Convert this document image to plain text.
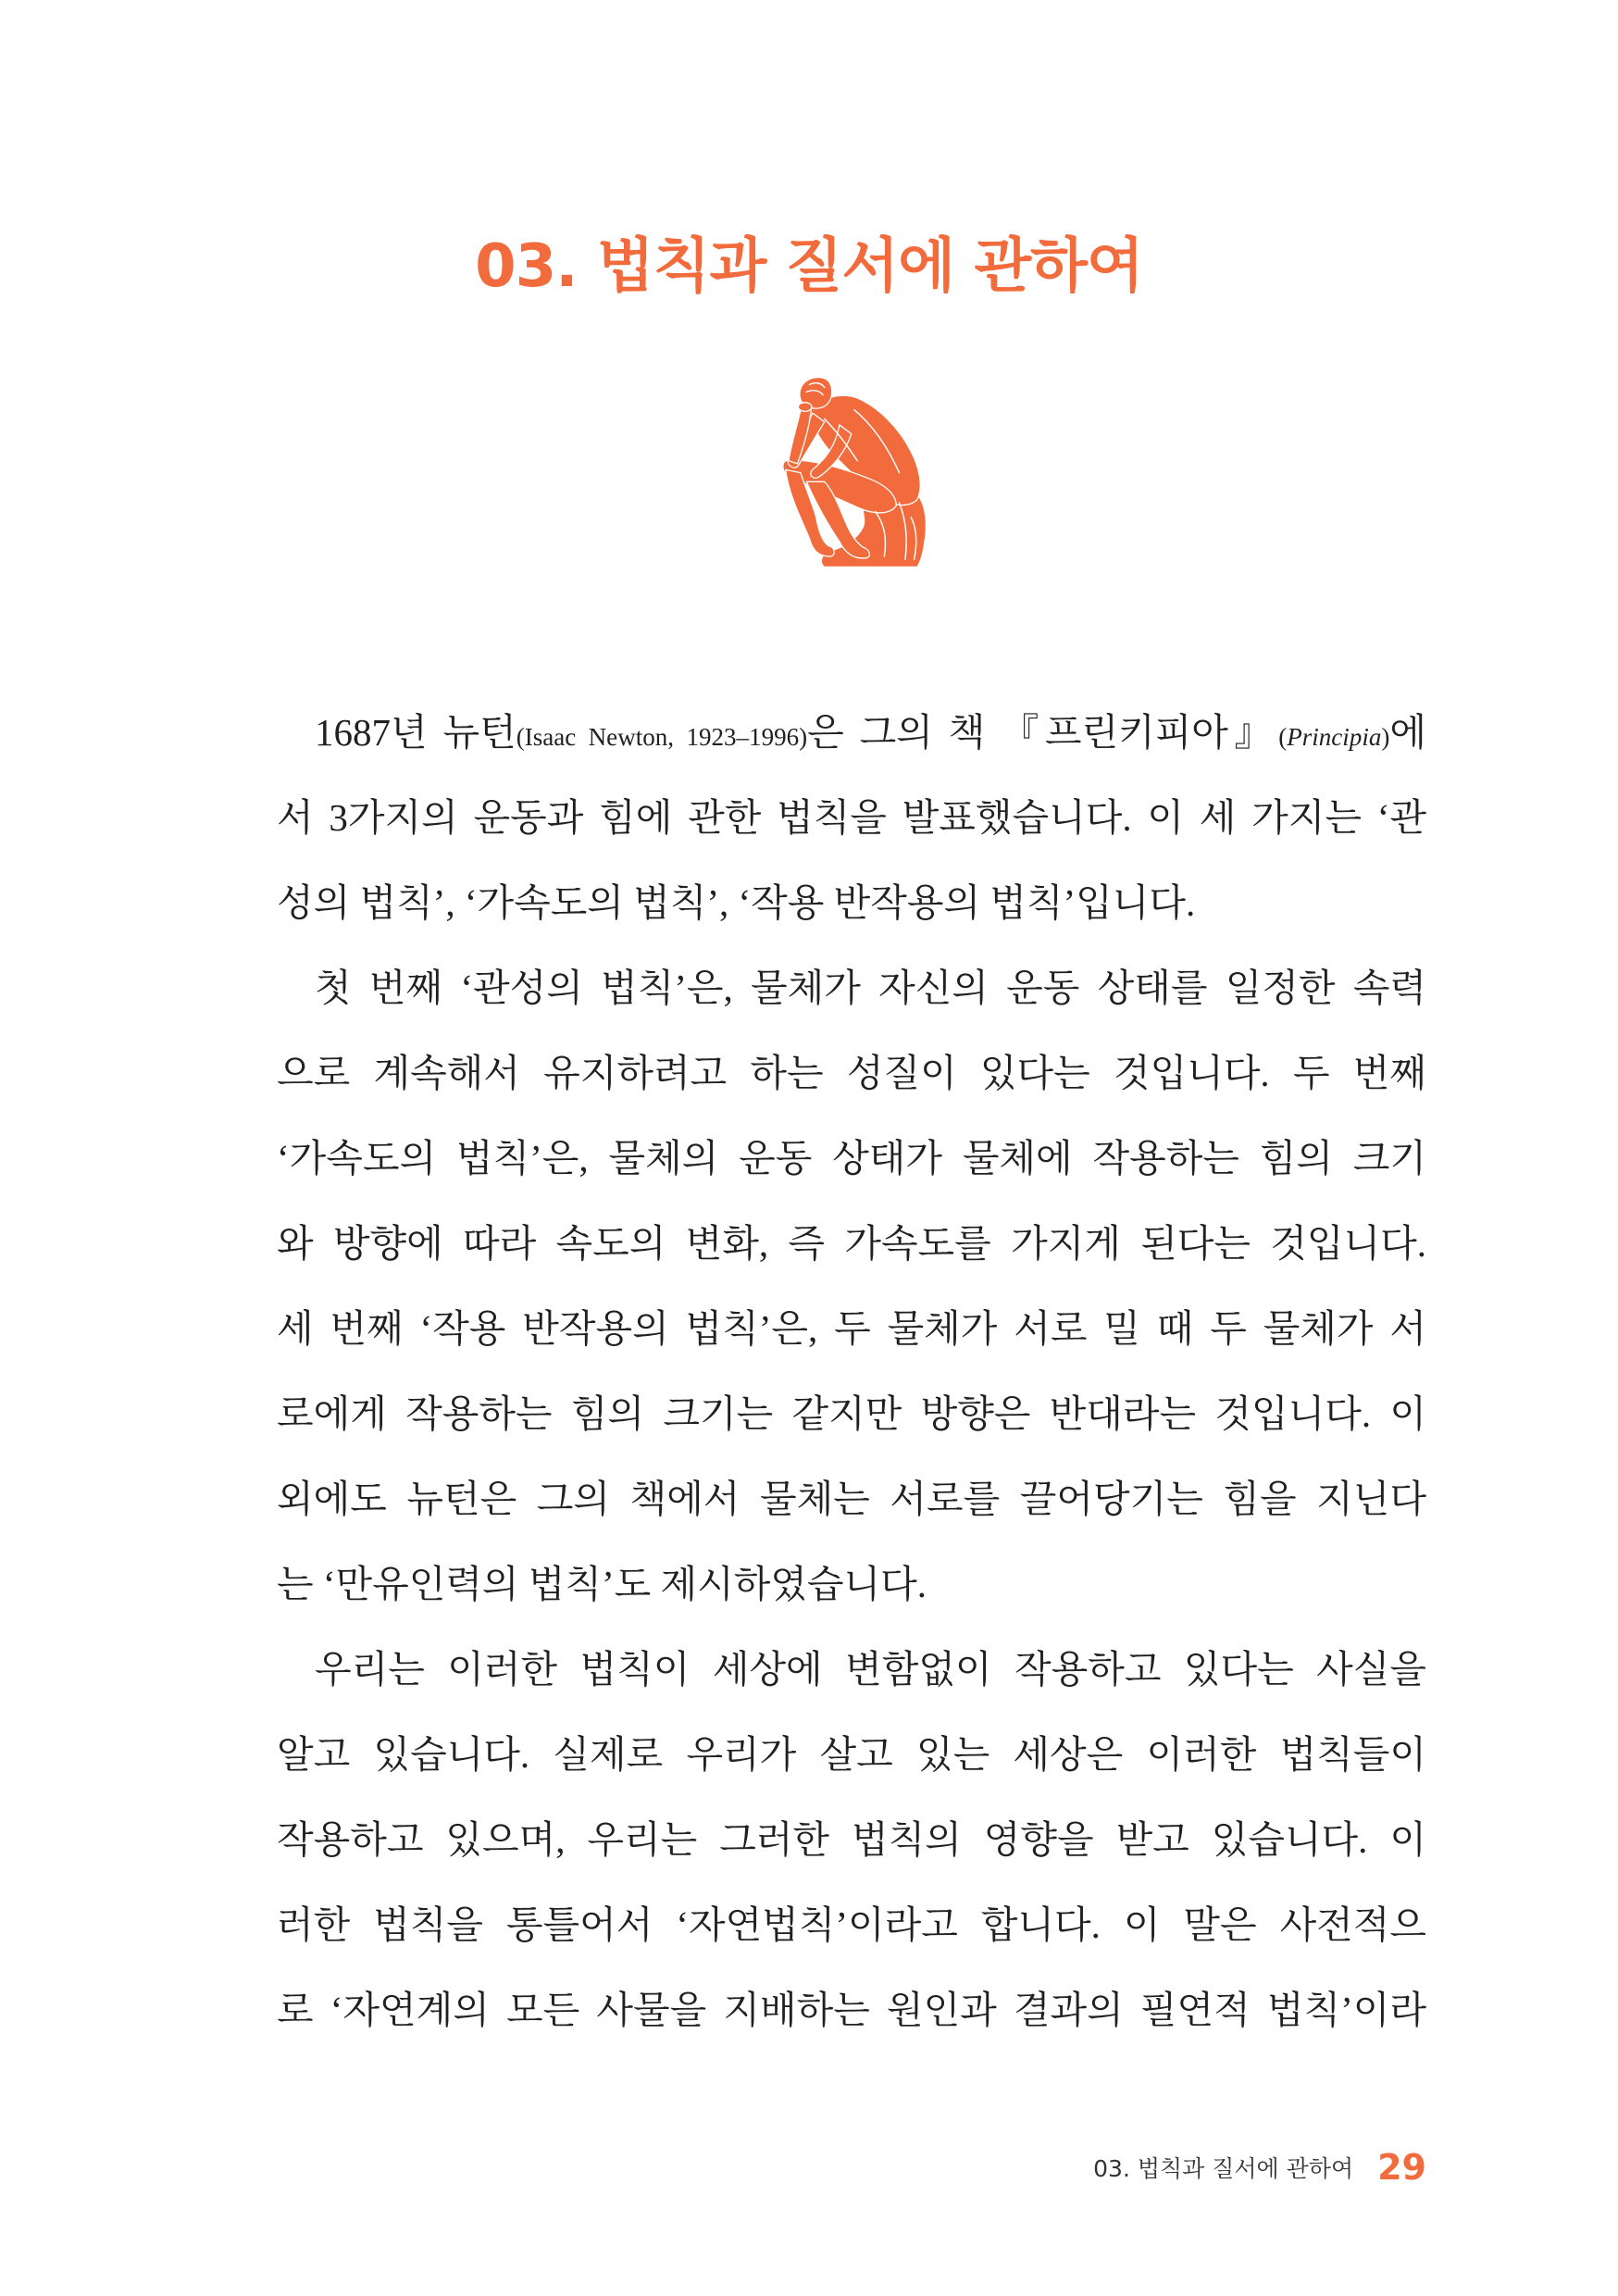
03. 법칙과 질서에 관하여
1687년 뉴턴(Isaac Newton, 1923–1996)은 그의 책 『프린키피아』(Principia)에
서 3가지의 운동과 힘에 관한 법칙을 발표했습니다. 이 세 가지는 ‘관
성의 법칙’, ‘가속도의 법칙’, ‘작용 반작용의 법칙’입니다.
첫 번째 ‘관성의 법칙’은, 물체가 자신의 운동 상태를 일정한 속력
으로 계속해서 유지하려고 하는 성질이 있다는 것입니다. 두 번째
‘가속도의 법칙’은, 물체의 운동 상태가 물체에 작용하는 힘의 크기
와 방향에 따라 속도의 변화, 즉 가속도를 가지게 된다는 것입니다.
세 번째 ‘작용 반작용의 법칙’은, 두 물체가 서로 밀 때 두 물체가 서
로에게 작용하는 힘의 크기는 같지만 방향은 반대라는 것입니다. 이
외에도 뉴턴은 그의 책에서 물체는 서로를 끌어당기는 힘을 지닌다
는 ‘만유인력의 법칙’도 제시하였습니다.
우리는 이러한 법칙이 세상에 변함없이 작용하고 있다는 사실을
알고 있습니다. 실제로 우리가 살고 있는 세상은 이러한 법칙들이
작용하고 있으며, 우리는 그러한 법칙의 영향을 받고 있습니다. 이
러한 법칙을 통틀어서 ‘자연법칙’이라고 합니다. 이 말은 사전적으
로 ‘자연계의 모든 사물을 지배하는 원인과 결과의 필연적 법칙’이라
03. 법칙과 질서에 관하여 29
